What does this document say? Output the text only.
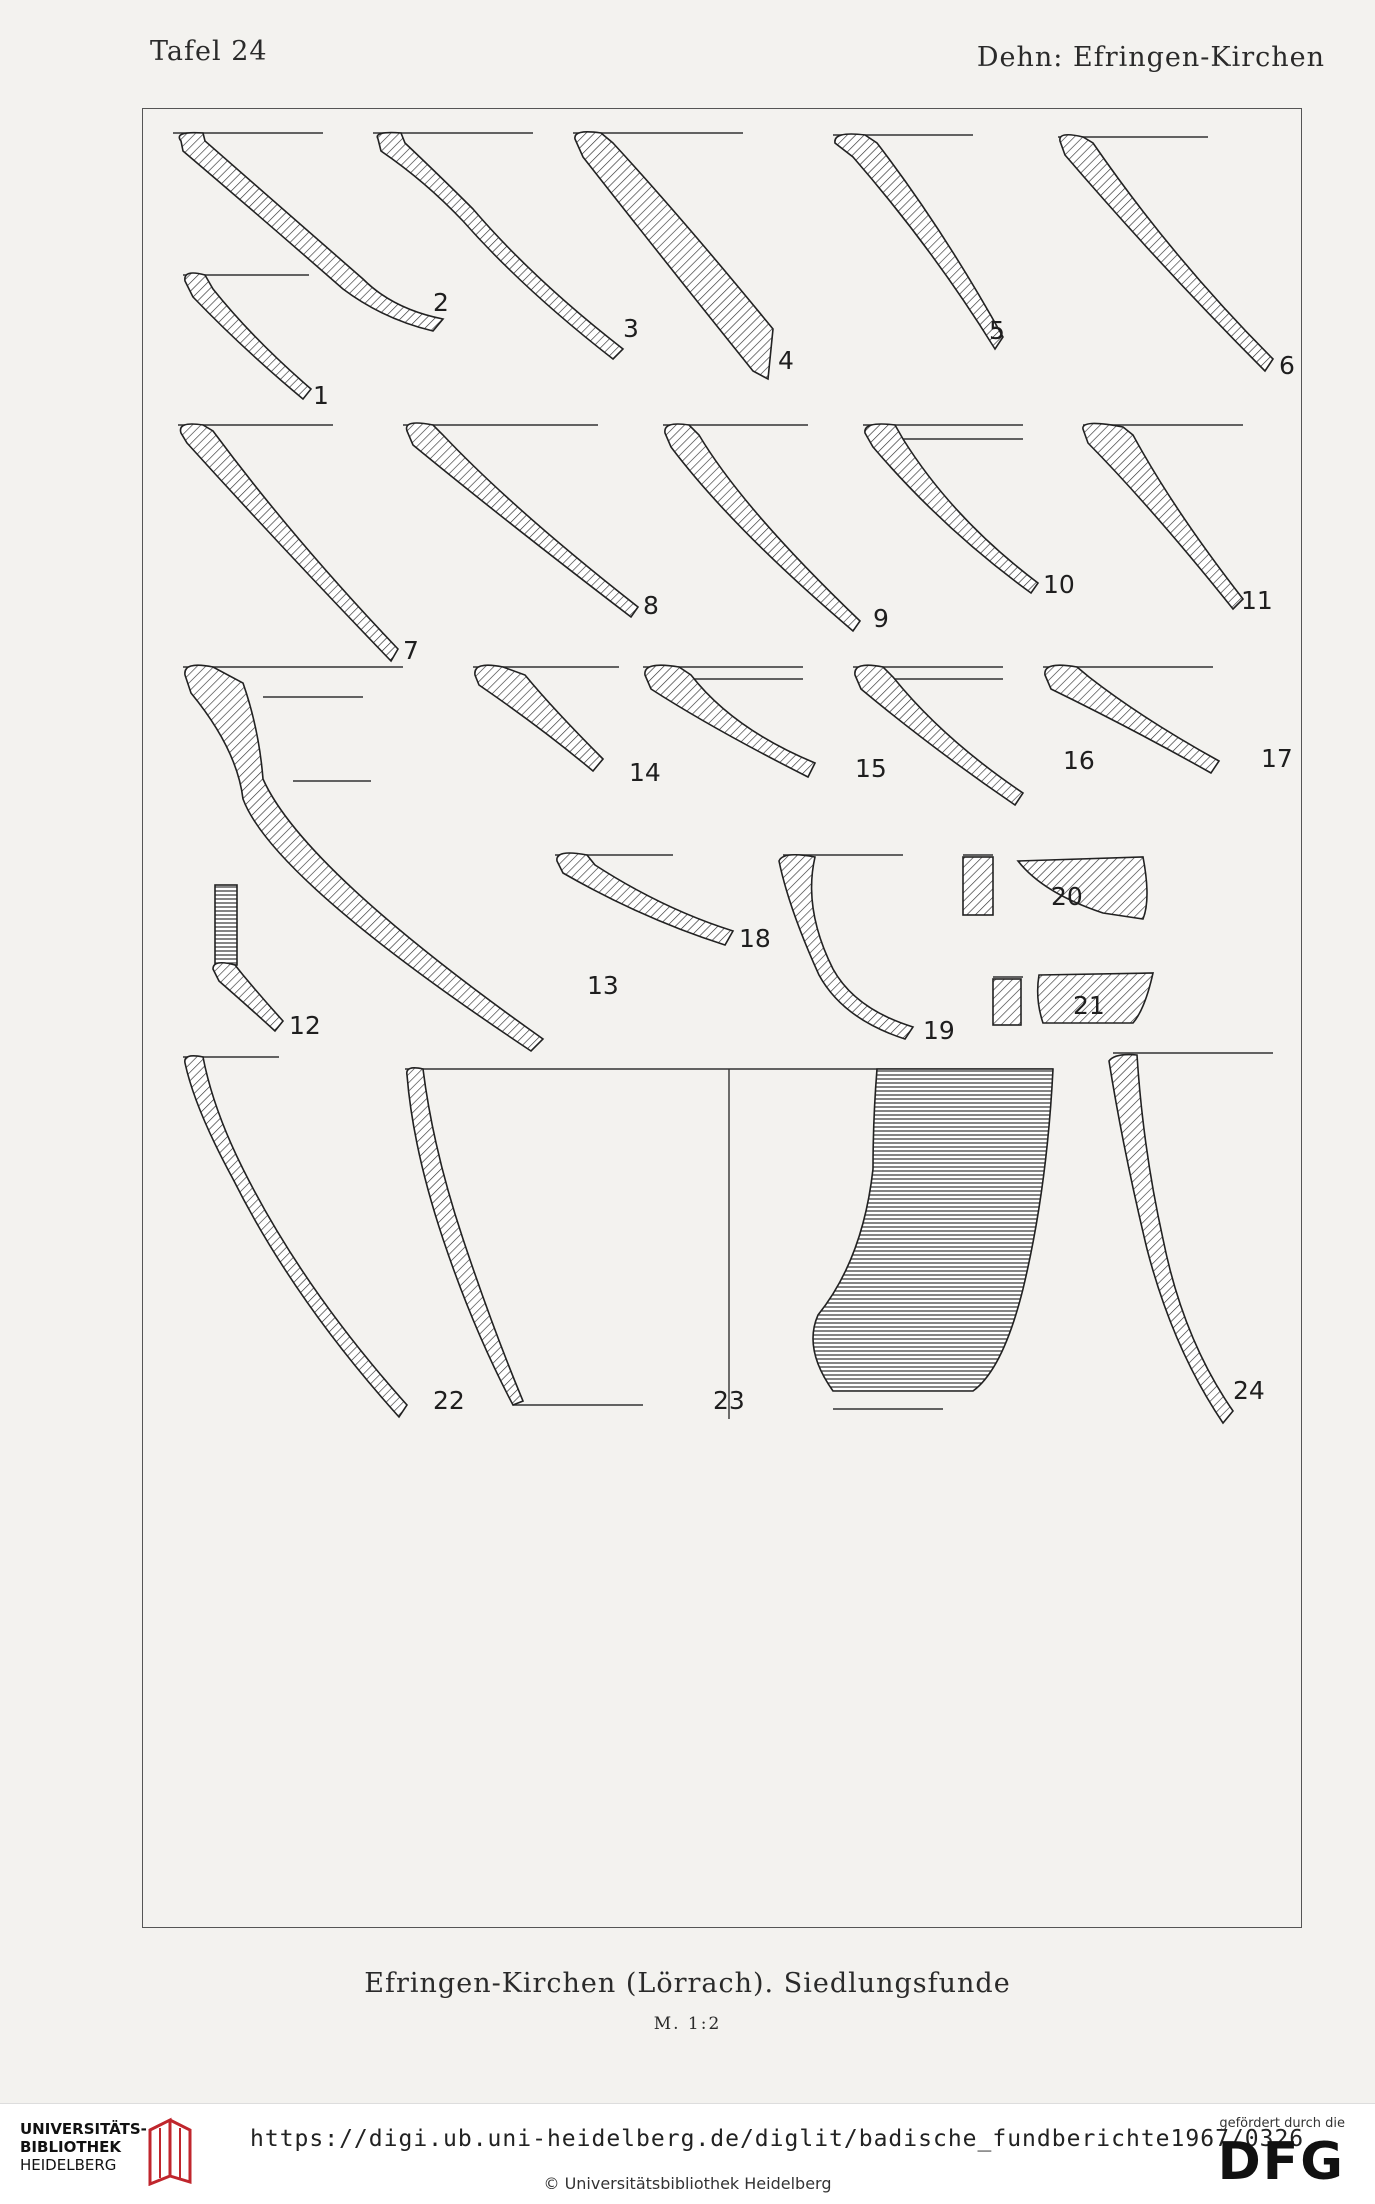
Tafel 24	Dehn: Efringen-Kirchen
1
2
3
4
5
6
7
8	9
10
11
12
13
14	15	16	17
18
19
20
21
22	23	24
Efringen-Kirchen (Lörrach). Siedlungsfunde
M. 1:2
UNIVERSITÄTS-
BIBLIOTHEK
HEIDELBERG
https://digi.ub.uni-heidelberg.de/diglit/badische_fundberichte1967/0326
© Universitätsbibliothek Heidelberg
gefördert durch die
DFG
